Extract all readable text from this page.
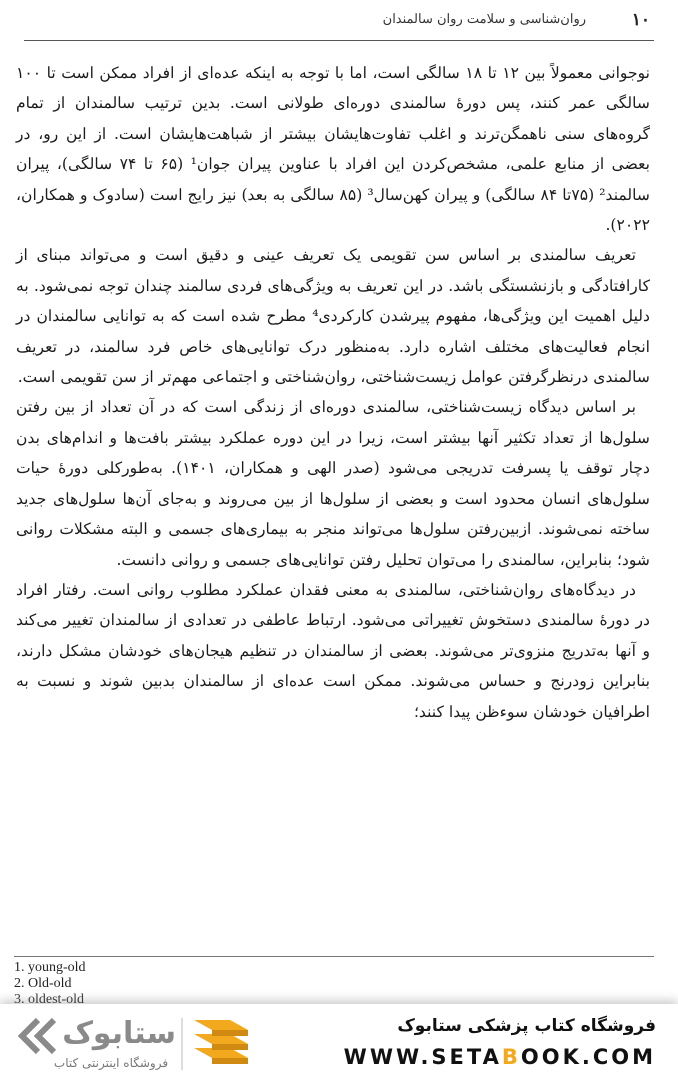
۱۰
روان‌شناسی و سلامت روان سالمندان

نوجوانی معمولاً بین ۱۲ تا ۱۸ سالگی است، اما با توجه به اینکه عده‌ای از افراد ممکن است تا ۱۰۰ سالگی عمر کنند، پس دورهٔ سالمندی دوره‌ای طولانی است. بدین ترتیب سالمندان از تمام گروه‌های سنی ناهمگن‌ترند و اغلب تفاوت‌هایشان بیشتر از شباهت‌هایشان است. از این رو، در بعضی از منابع علمی، مشخص‌کردن این افراد با عناوین پیران جوان¹ (۶۵ تا ۷۴ سالگی)، پیران سالمند² (۷۵تا ۸۴ سالگی) و پیران کهن‌سال³ (۸۵ سالگی به بعد) نیز رایج است (سادوک و همکاران، ۲۰۲۲).

تعریف سالمندی بر اساس سن تقویمی یک تعریف عینی و دقیق است و می‌تواند مبنای از کارافتادگی و بازنشستگی باشد. در این تعریف به ویژگی‌های فردی سالمند چندان توجه نمی‌شود. به دلیل اهمیت این ویژگی‌ها، مفهوم پیرشدن کارکردی⁴ مطرح شده است که به توانایی سالمندان در انجام فعالیت‌های مختلف اشاره دارد. به‌منظور درک توانایی‌های خاص فرد سالمند، در تعریف سالمندی درنظرگرفتن عوامل زیست‌شناختی، روان‌شناختی و اجتماعی مهم‌تر از سن تقویمی است.

بر اساس دیدگاه زیست‌شناختی، سالمندی دوره‌ای از زندگی است که در آن تعداد از بین رفتن سلول‌ها از تعداد تکثیر آنها بیشتر است، زیرا در این دوره عملکرد بیشتر بافت‌ها و اندام‌های بدن دچار توقف یا پسرفت تدریجی می‌شود (صدر الهی و همکاران، ۱۴۰۱). به‌طورکلی دورهٔ حیات سلول‌های انسان محدود است و بعضی از سلول‌ها از بین می‌روند و به‌جای آن‌ها سلول‌های جدید ساخته نمی‌شوند. ازبین‌رفتن سلول‌ها می‌تواند منجر به بیماری‌های جسمی و البته مشکلات روانی شود؛ بنابراین، سالمندی را می‌توان تحلیل رفتن توانایی‌های جسمی و روانی دانست.

در دیدگاه‌های روان‌شناختی، سالمندی به معنی فقدان عملکرد مطلوب روانی است. رفتار افراد در دورهٔ سالمندی دستخوش تغییراتی می‌شود. ارتباط عاطفی در تعدادی از سالمندان تغییر می‌کند و آنها به‌تدریج منزوی‌تر می‌شوند. بعضی از سالمندان در تنظیم هیجان‌های خودشان مشکل دارند، بنابراین زودرنج و حساس می‌شوند. ممکن است عده‌ای از سالمندان بدبین شوند و نسبت به اطرافیان خودشان سوءظن پیدا کنند؛

1. young-old
2. Old-old
3. oldest-old
ستابوک
فروشگاه اینترنتی کتاب
فروشگاه کتاب پزشکی ستابوک
WWW.SETABOOK.COM
